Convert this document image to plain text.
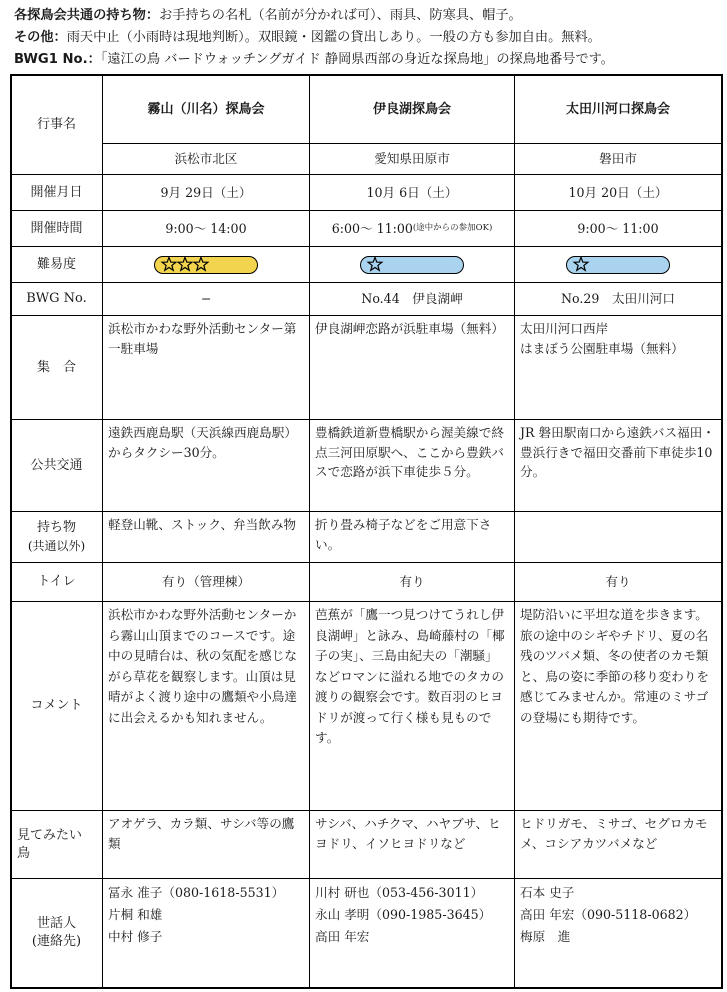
各探鳥会共通の持ち物：お手持ちの名札（名前が分かれば可）、雨具、防寒具、帽子。
その他：雨天中止（小雨時は現地判断）。双眼鏡・図鑑の貸出しあり。一般の方も参加自由。無料。
BWG1 No.：「遠江の鳥 バードウォッチングガイド 静岡県西部の身近な探鳥地」の探鳥地番号です。
行事名
開催月日
開催時間
難易度
BWG No.
集　合
公共交通
持ち物
(共通以外)
トイレ
コメント
見てみたい
鳥
世話人
(連絡先)
霧山（川名）探鳥会
浜松市北区
9月 29日（土）
9:00〜 14:00
−
浜松市かわな野外活動センター第一駐車場
遠鉄西鹿島駅（天浜線西鹿島駅）からタクシー30分。
軽登山靴、ストック、弁当飲み物
有り（管理棟）
浜松市かわな野外活動センターから霧山山頂までのコースです。途中の見晴台は、秋の気配を感じながら草花を観察します。山頂は見晴がよく渡り途中の鷹類や小鳥達に出会えるかも知れません。
アオゲラ、カラ類、サシバ等の鷹類
冨永 准子（080-1618-5531）
片桐 和雄
中村 修子
伊良湖探鳥会
愛知県田原市
10月 6日（土）
6:00〜 11:00 (途中からの参加OK)
No.44　伊良湖岬
伊良湖岬恋路が浜駐車場（無料）
豊橋鉄道新豊橋駅から渥美線で終点三河田原駅へ、ここから豊鉄バスで恋路が浜下車徒歩５分。
折り畳み椅子などをご用意下さい。
有り
芭蕉が「鷹一つ見つけてうれし伊良湖岬」と詠み、島崎藤村の「椰子の実」、三島由紀夫の「潮騒」などロマンに溢れる地でのタカの渡りの観察会です。数百羽のヒヨドリが渡って行く様も見ものです。
サシバ、ハチクマ、ハヤブサ、ヒヨドリ、イソヒヨドリなど
川村 研也（053-456-3011）
永山 孝明（090-1985-3645）
高田 年宏
太田川河口探鳥会
磐田市
10月 20日（土）
9:00〜 11:00
No.29　太田川河口
太田川河口西岸
はまぼう公園駐車場（無料）
JR 磐田駅南口から遠鉄バス福田・豊浜行きで福田交番前下車徒歩10分。
有り
堤防沿いに平坦な道を歩きます。旅の途中のシギやチドリ、夏の名残のツバメ類、冬の使者のカモ類と、鳥の姿に季節の移り変わりを感じてみませんか。常連のミサゴの登場にも期待です。
ヒドリガモ、ミサゴ、セグロカモメ、コシアカツバメなど
石本 史子
高田 年宏（090-5118-0682）
梅原　進
